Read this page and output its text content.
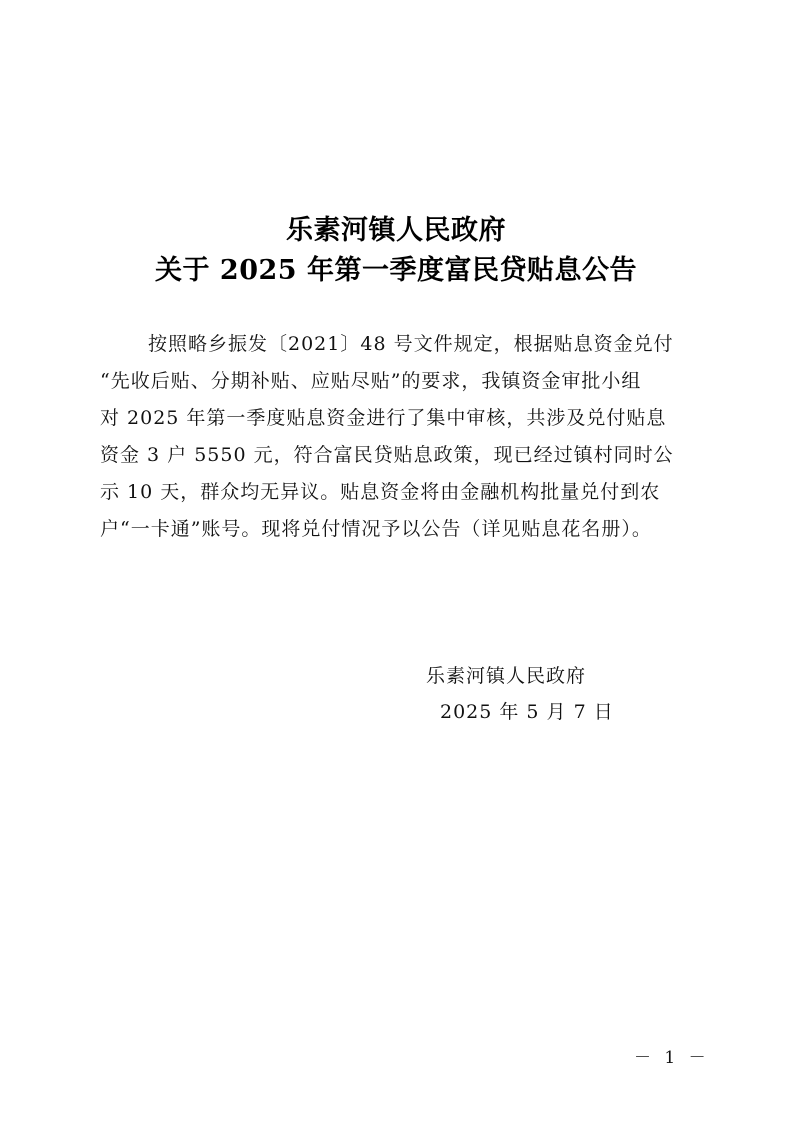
乐素河镇人民政府
关于 2025 年第一季度富民贷贴息公告
按照略乡振发〔2021〕48 号文件规定，根据贴息资金兑付
“先收后贴、分期补贴、应贴尽贴”的要求，我镇资金审批小组
对 2025 年第一季度贴息资金进行了集中审核，共涉及兑付贴息
资金 3 户 5550 元，符合富民贷贴息政策，现已经过镇村同时公
示 10 天，群众均无异议。贴息资金将由金融机构批量兑付到农
户“一卡通”账号。现将兑付情况予以公告（详见贴息花名册）。
乐素河镇人民政府
2025 年 5 月 7 日
－ 1 －
